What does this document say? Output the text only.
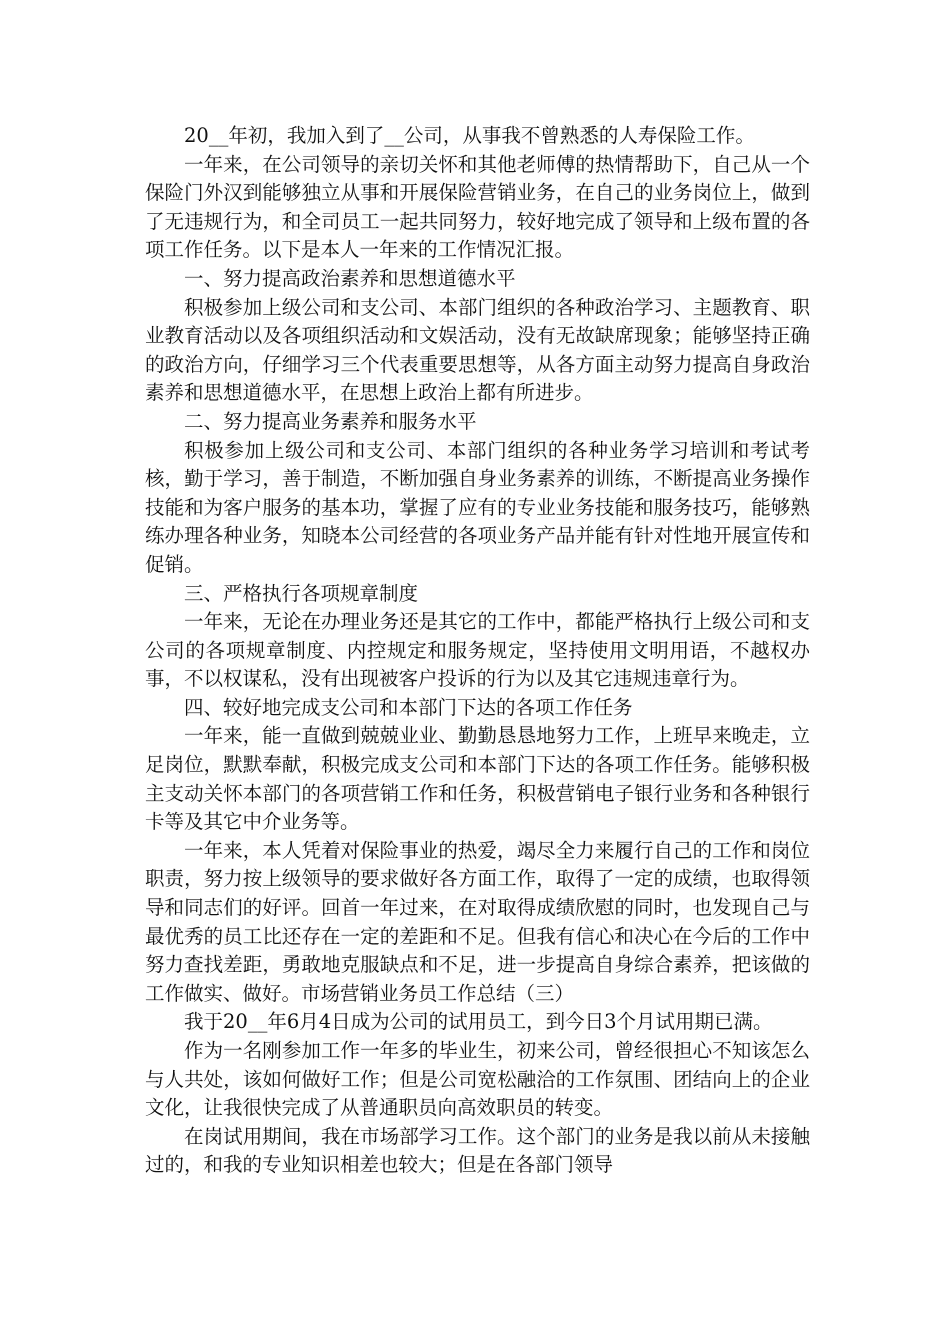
20__年初，我加入到了__公司，从事我不曾熟悉的人寿保险工作。

一年来，在公司领导的亲切关怀和其他老师傅的热情帮助下，自己从一个保险门外汉到能够独立从事和开展保险营销业务，在自己的业务岗位上，做到了无违规行为，和全司员工一起共同努力，较好地完成了领导和上级布置的各项工作任务。以下是本人一年来的工作情况汇报。

一、努力提高政治素养和思想道德水平

积极参加上级公司和支公司、本部门组织的各种政治学习、主题教育、职业教育活动以及各项组织活动和文娱活动，没有无故缺席现象；能够坚持正确的政治方向，仔细学习三个代表重要思想等，从各方面主动努力提高自身政治素养和思想道德水平，在思想上政治上都有所进步。

二、努力提高业务素养和服务水平

积极参加上级公司和支公司、本部门组织的各种业务学习培训和考试考核，勤于学习，善于制造，不断加强自身业务素养的训练，不断提高业务操作技能和为客户服务的基本功，掌握了应有的专业业务技能和服务技巧，能够熟练办理各种业务，知晓本公司经营的各项业务产品并能有针对性地开展宣传和促销。

三、严格执行各项规章制度

一年来，无论在办理业务还是其它的工作中，都能严格执行上级公司和支公司的各项规章制度、内控规定和服务规定，坚持使用文明用语，不越权办事，不以权谋私，没有出现被客户投诉的行为以及其它违规违章行为。

四、较好地完成支公司和本部门下达的各项工作任务

一年来，能一直做到兢兢业业、勤勤恳恳地努力工作，上班早来晚走，立足岗位，默默奉献，积极完成支公司和本部门下达的各项工作任务。能够积极主支动关怀本部门的各项营销工作和任务，积极营销电子银行业务和各种银行卡等及其它中介业务等。

一年来，本人凭着对保险事业的热爱，竭尽全力来履行自己的工作和岗位职责，努力按上级领导的要求做好各方面工作，取得了一定的成绩，也取得领导和同志们的好评。回首一年过来，在对取得成绩欣慰的同时，也发现自己与最优秀的员工比还存在一定的差距和不足。但我有信心和决心在今后的工作中努力查找差距，勇敢地克服缺点和不足，进一步提高自身综合素养，把该做的工作做实、做好。市场营销业务员工作总结（三）

我于20__年6月4日成为公司的试用员工，到今日3个月试用期已满。

作为一名刚参加工作一年多的毕业生，初来公司，曾经很担心不知该怎么与人共处，该如何做好工作；但是公司宽松融洽的工作氛围、团结向上的企业文化，让我很快完成了从普通职员向高效职员的转变。

在岗试用期间，我在市场部学习工作。这个部门的业务是我以前从未接触过的，和我的专业知识相差也较大；但是在各部门领导
